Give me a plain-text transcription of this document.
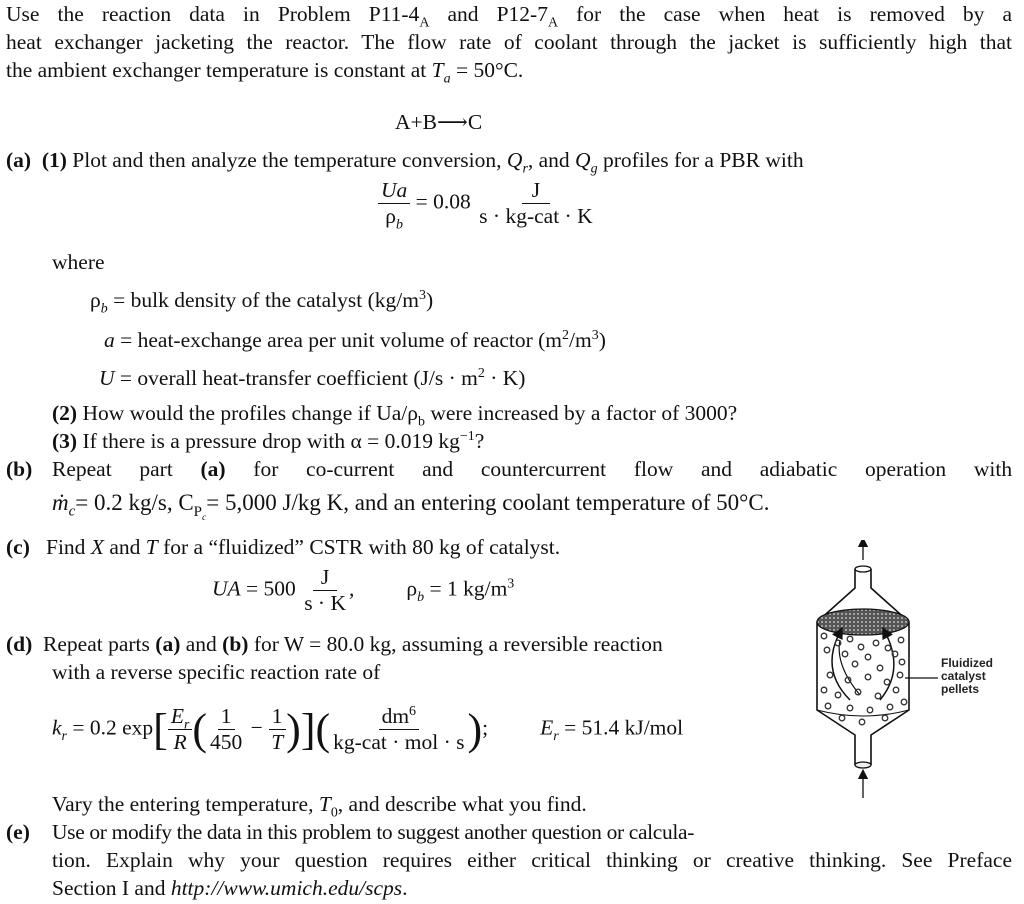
Use the reaction data in Problem $P11-4_A$ and $P12-7_A$ for the case when heat is removed by a
heat exchanger jacketing the reactor. The flow rate of coolant through the jacket is sufficiently high that
the ambient exchanger temperature is constant at $T_a = 50^\circ C$.
A+B⟶C
(a) (1) Plot and then analyze the temperature conversion, $Q_r$, and $Q_g$ profiles for a PBR with
$\frac{Ua}{\rho_b} = 0.08 \frac{J}{\text{s · kg-cat · K}}$
where
$\rho_b$ = bulk density of the catalyst $(kg/m^3)$
a = heat-exchange area per unit volume of reactor $(m^2/m^3)$
U = overall heat-transfer coefficient $(J/s \cdot m^2 \cdot K)$
(2) How would the profiles change if $Ua/\rho_b$ were increased by a factor of 3000?
(3) If there is a pressure drop with α = 0.019 $kg^{-1}$?
(b) Repeat part (a) for co-current and countercurrent flow and adiabatic operation with
ṁ$_c$= 0.2 kg/s, $C_{P_c}= 5,000$ J/kg K, and an entering coolant temperature of 50°C.
(c) Find X and T for a “fluidized” CSTR with 80 kg of catalyst.
UA = $500 \frac{J}{s \cdot K}$ , $\rho_b = 1$ $kg/m^3$
(d) Repeat parts (a) and (b) for W = 80.0 kg, assuming a reversible reaction
with a reverse specific reaction rate of
$k_r = 0.2$ $\exp[ \frac{E_r}{R}$ ( $\frac{1}{450} - \frac{1}{T}$ )]( $\frac{dm^6}{\text{kg-cat · mol · s}}$ ); $E_r = 51.4$ kJ/mol
Vary the entering temperature, $T_0$, and describe what you find.
(e) Use or modify the data in this problem to suggest another question or calcula-
tion. Explain why your question requires either critical thinking or creative thinking. See Preface
Section I and http://www.umich.edu/scps.
Fluidized
catalyst
pellets
